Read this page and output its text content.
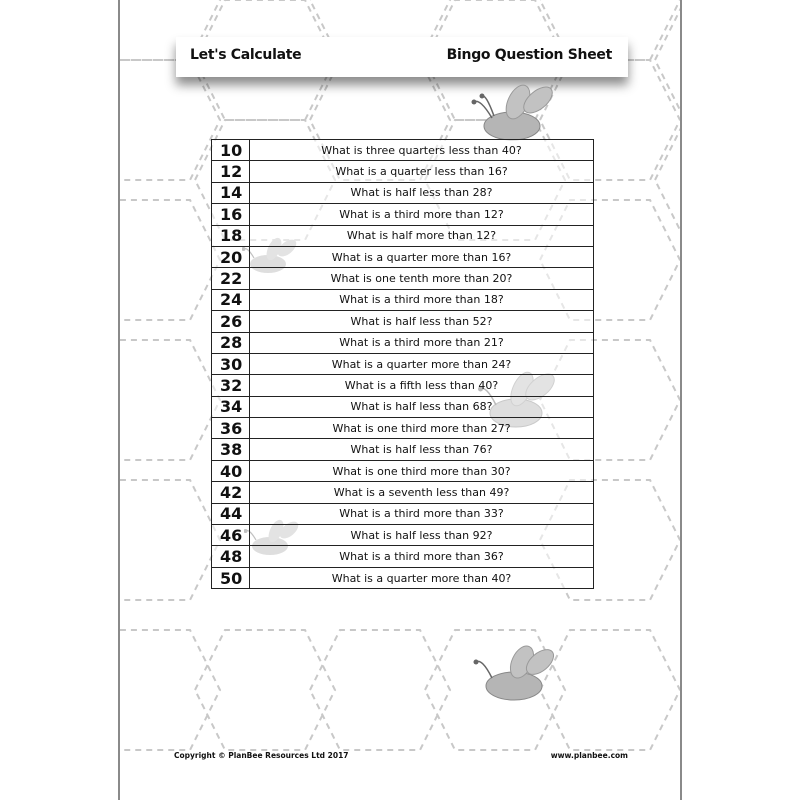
Let's Calculate	Bingo Question Sheet
10	What is three quarters less than 40?
12	What is a quarter less than 16?
14	What is half less than 28?
16	What is a third more than 12?
18	What is half more than 12?
20	What is a quarter more than 16?
22	What is one tenth more than 20?
24	What is a third more than 18?
26	What is half less than 52?
28	What is a third more than 21?
30	What is a quarter more than 24?
32	What is a fifth less than 40?
34	What is half less than 68?
36	What is one third more than 27?
38	What is half less than 76?
40	What is one third more than 30?
42	What is a seventh less than 49?
44	What is a third more than 33?
46	What is half less than 92?
48	What is a third more than 36?
50	What is a quarter more than 40?
Copyright © PlanBee Resources Ltd 2017	www.planbee.com
